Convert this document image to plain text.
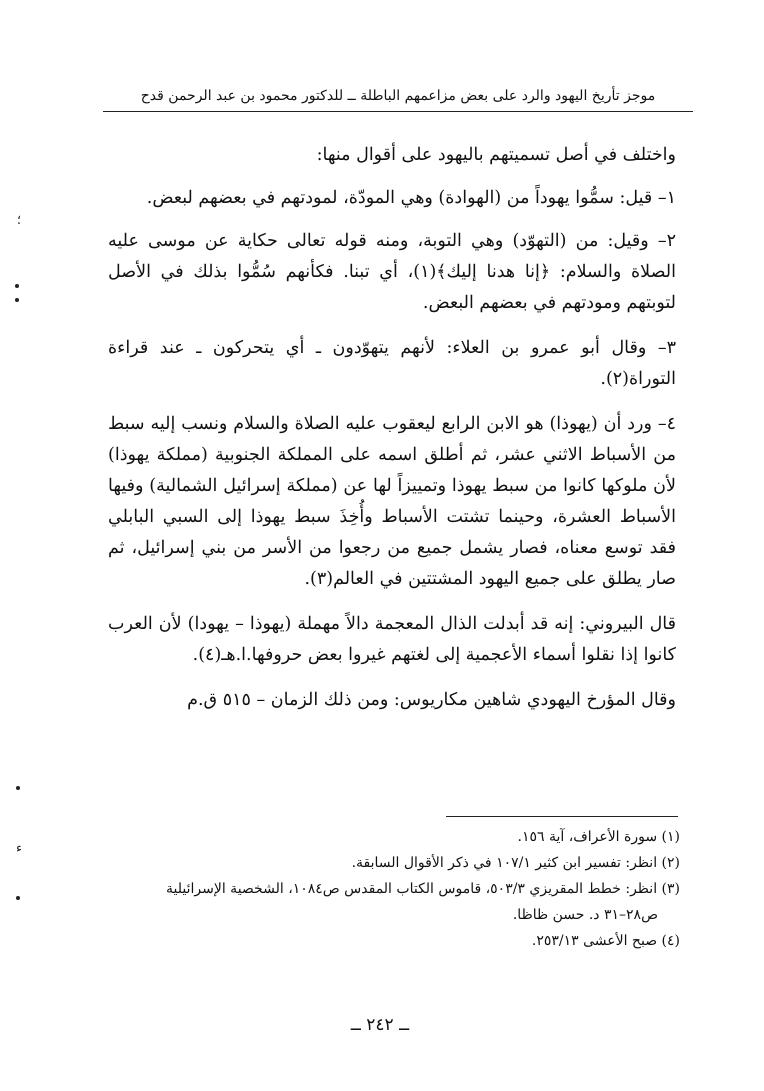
موجز تأريخ اليهود والرد على بعض مزاعمهم الباطلة ــ للدكتور محمود بن عبد الرحمن قدح

واختلف في أصل تسميتهم باليهود على أقوال منها:

١– قيل: سمُّوا يهوداً من (الهوادة) وهي المودّة، لمودتهم في بعضهم لبعض.

٢– وقيل: من (التهوّد) وهي التوبة، ومنه قوله تعالى حكاية عن موسى عليه الصلاة والسلام: ﴿إنا هدنا إليك﴾(١)، أي تبنا. فكأنهم سُمُّوا بذلك في الأصل لتوبتهم ومودتهم في بعضهم البعض.

٣– وقال أبو عمرو بن العلاء: لأنهم يتهوّدون ـ أي يتحركون ـ عند قراءة التوراة(٢).

٤– ورد أن (يهوذا) هو الابن الرابع ليعقوب عليه الصلاة والسلام ونسب إليه سبط من الأسباط الاثني عشر، ثم أطلق اسمه على المملكة الجنوبية (مملكة يهوذا) لأن ملوكها كانوا من سبط يهوذا وتمييزاً لها عن (مملكة إسرائيل الشمالية) وفيها الأسباط العشرة، وحينما تشتت الأسباط وأُخِذَ سبط يهوذا إلى السبي البابلي فقد توسع معناه، فصار يشمل جميع من رجعوا من الأسر من بني إسرائيل، ثم صار يطلق على جميع اليهود المشتتين في العالم(٣).

قال البيروني: إنه قد أبدلت الذال المعجمة دالاً مهملة (يهوذا – يهودا) لأن العرب كانوا إذا نقلوا أسماء الأعجمية إلى لغتهم غيروا بعض حروفها.ا.هـ(٤).

وقال المؤرخ اليهودي شاهين مكاريوس: ومن ذلك الزمان – ٥١٥ ق.م

(١) سورة الأعراف، آية ١٥٦.

(٢) انظر: تفسير ابن كثير ١٠٧/١ في ذكر الأقوال السابقة.

(٣) انظر: خطط المقريزي ٥٠٣/٣، قاموس الكتاب المقدس ص١٠٨٤، الشخصية الإسرائيلية

ص٢٨–٣١ د. حسن ظاظا.

(٤) صبح الأعشى ٢٥٣/١٣.

ــ ٢٤٢ ــ
؛
ء
